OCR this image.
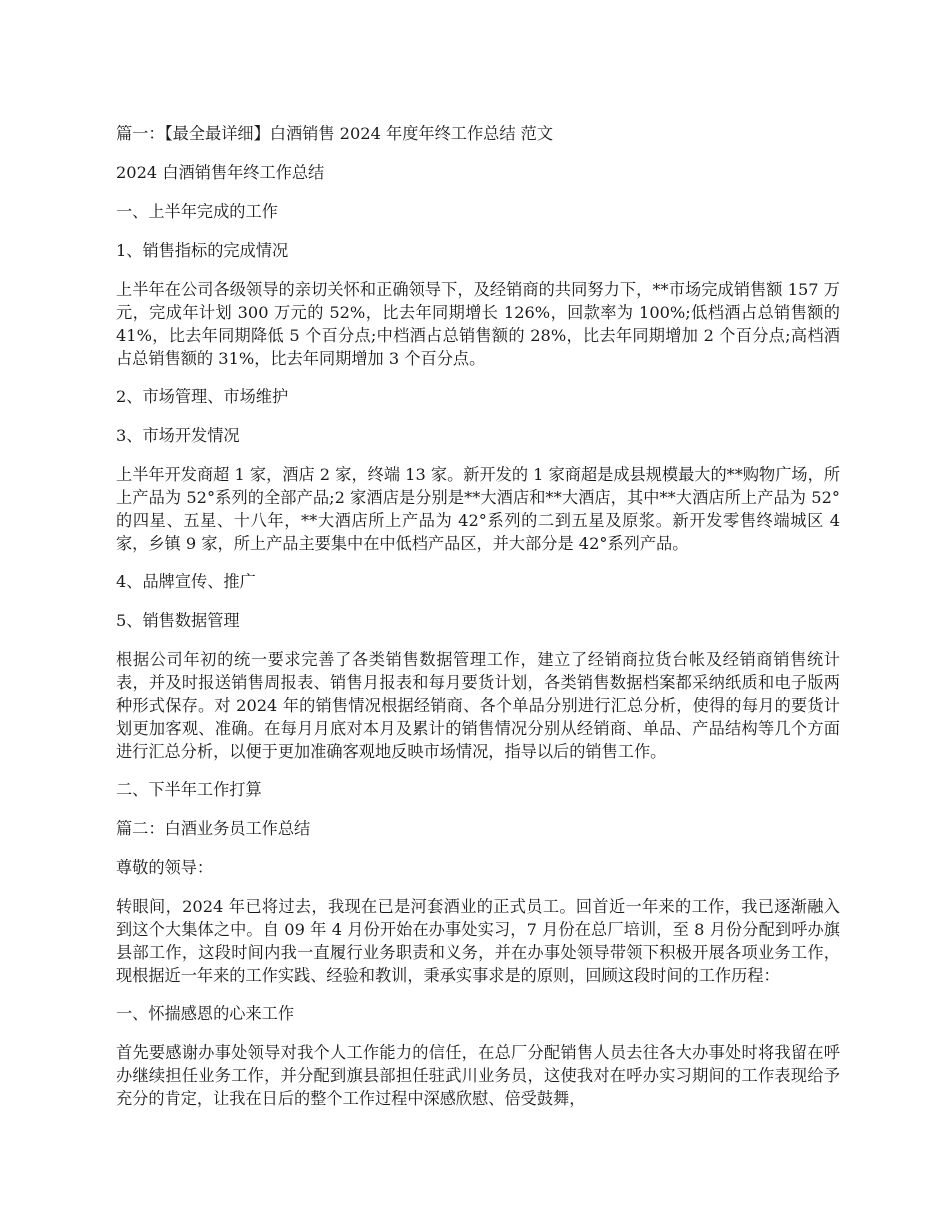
篇一：【最全最详细】白酒销售 2024 年度年终工作总结 范文

2024 白酒销售年终工作总结

一、上半年完成的工作

1、销售指标的完成情况

上半年在公司各级领导的亲切关怀和正确领导下，及经销商的共同努力下，**市场完成销售额 157 万元，完成年计划 300 万元的 52%，比去年同期增长 126%，回款率为 100%;低档酒占总销售额的 41%，比去年同期降低 5 个百分点;中档酒占总销售额的 28%，比去年同期增加 2 个百分点;高档酒占总销售额的 31%，比去年同期增加 3 个百分点。

2、市场管理、市场维护

3、市场开发情况

上半年开发商超 1 家，酒店 2 家，终端 13 家。新开发的 1 家商超是成县规模最大的**购物广场，所上产品为 52°系列的全部产品;2 家酒店是分别是**大酒店和**大酒店，其中**大酒店所上产品为 52°的四星、五星、十八年，**大酒店所上产品为 42°系列的二到五星及原浆。新开发零售终端城区 4 家，乡镇 9 家，所上产品主要集中在中低档产品区，并大部分是 42°系列产品。

4、品牌宣传、推广

5、销售数据管理

根据公司年初的统一要求完善了各类销售数据管理工作，建立了经销商拉货台帐及经销商销售统计表，并及时报送销售周报表、销售月报表和每月要货计划，各类销售数据档案都采纳纸质和电子版两种形式保存。对 2024 年的销售情况根据经销商、各个单品分别进行汇总分析，使得的每月的要货计划更加客观、准确。在每月月底对本月及累计的销售情况分别从经销商、单品、产品结构等几个方面进行汇总分析，以便于更加准确客观地反映市场情况，指导以后的销售工作。

二、下半年工作打算

篇二：白酒业务员工作总结

尊敬的领导：

转眼间，2024 年已将过去，我现在已是河套酒业的正式员工。回首近一年来的工作，我已逐渐融入到这个大集体之中。自 09 年 4 月份开始在办事处实习，7 月份在总厂培训，至 8 月份分配到呼办旗县部工作，这段时间内我一直履行业务职责和义务，并在办事处领导带领下积极开展各项业务工作，现根据近一年来的工作实践、经验和教训，秉承实事求是的原则，回顾这段时间的工作历程：

一、怀揣感恩的心来工作

首先要感谢办事处领导对我个人工作能力的信任，在总厂分配销售人员去往各大办事处时将我留在呼办继续担任业务工作，并分配到旗县部担任驻武川业务员，这使我对在呼办实习期间的工作表现给予充分的肯定，让我在日后的整个工作过程中深感欣慰、倍受鼓舞，
